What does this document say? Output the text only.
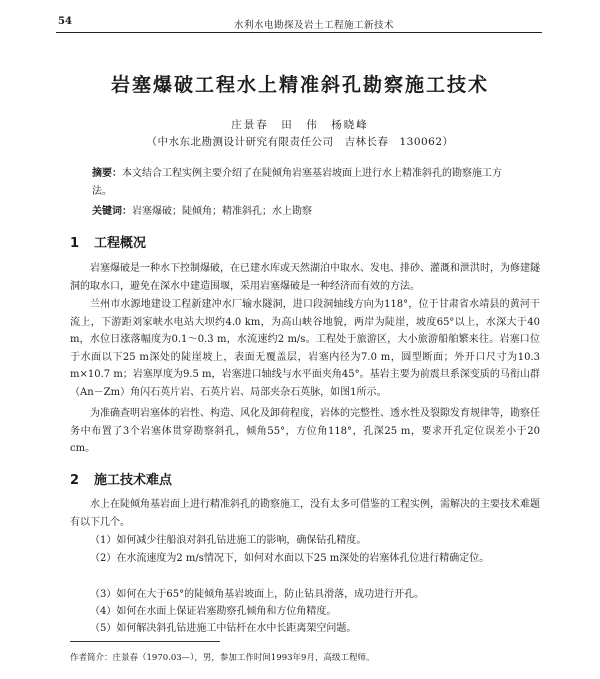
54	水利水电勘探及岩土工程施工新技术
岩塞爆破工程水上精准斜孔勘察施工技术
庄景春　田　伟　杨晓峰
（中水东北勘测设计研究有限责任公司　吉林长春　130062）
摘要：本文结合工程实例主要介绍了在陡倾角岩塞基岩坡面上进行水上精准斜孔的勘察施工方法。
关键词：岩塞爆破；陡倾角；精准斜孔；水上勘察
1 工程概况
岩塞爆破是一种水下控制爆破，在已建水库或天然湖泊中取水、发电、排砂、灌溉和泄洪时，为修建隧洞的取水口，避免在深水中建造围堰，采用岩塞爆破是一种经济而有效的方法。
兰州市水源地建设工程新建冲水厂输水隧洞，进口段洞轴线方向为118°，位于甘肃省水靖县的黄河干流上，下游距刘家峡水电站大坝约4.0 km，为高山峡谷地貌，两岸为陡崖，坡度65°以上，水深大于40 m，水位日涨落幅度为0.1～0.3 m，水流速约2 m/s。工程处于旅游区，大小旅游船舶繁来往。岩塞口位于水面以下25 m深处的陡崖坡上，表面无覆盖层，岩塞内径为7.0 m，圆型断面；外开口尺寸为10.3 m×10.7 m；岩塞厚度为9.5 m，岩塞进口轴线与水平面夹角45°。基岩主要为前震旦系深变质的马衔山群（An－Zm）角闪石英片岩、石英片岩、局部夹杂石英脉，如图1所示。
为准确查明岩塞体的岩性、构造、风化及卸荷程度，岩体的完整性、透水性及裂隙发育规律等，勘察任务中布置了3个岩塞体贯穿勘察斜孔，倾角55°，方位角118°，孔深25 m，要求开孔定位误差小于20 cm。
2 施工技术难点
水上在陡倾角基岩面上进行精准斜孔的勘察施工，没有太多可借鉴的工程实例，需解决的主要技术难题有以下几个。
（1）如何减少往船浪对斜孔钻进施工的影响，确保钻孔精度。
（2）在水流速度为2 m/s情况下，如何对水面以下25 m深处的岩塞体孔位进行精确定位。
（3）如何在大于65°的陡倾角基岩坡面上，防止钻具滑落，成功进行开孔。
（4）如何在水面上保证岩塞勘察孔倾角和方位角精度。
（5）如何解决斜孔钻进施工中钻杆在水中长距离架空问题。
作者简介：庄景春（1970.03—），男，参加工作时间1993年9月，高级工程师。
